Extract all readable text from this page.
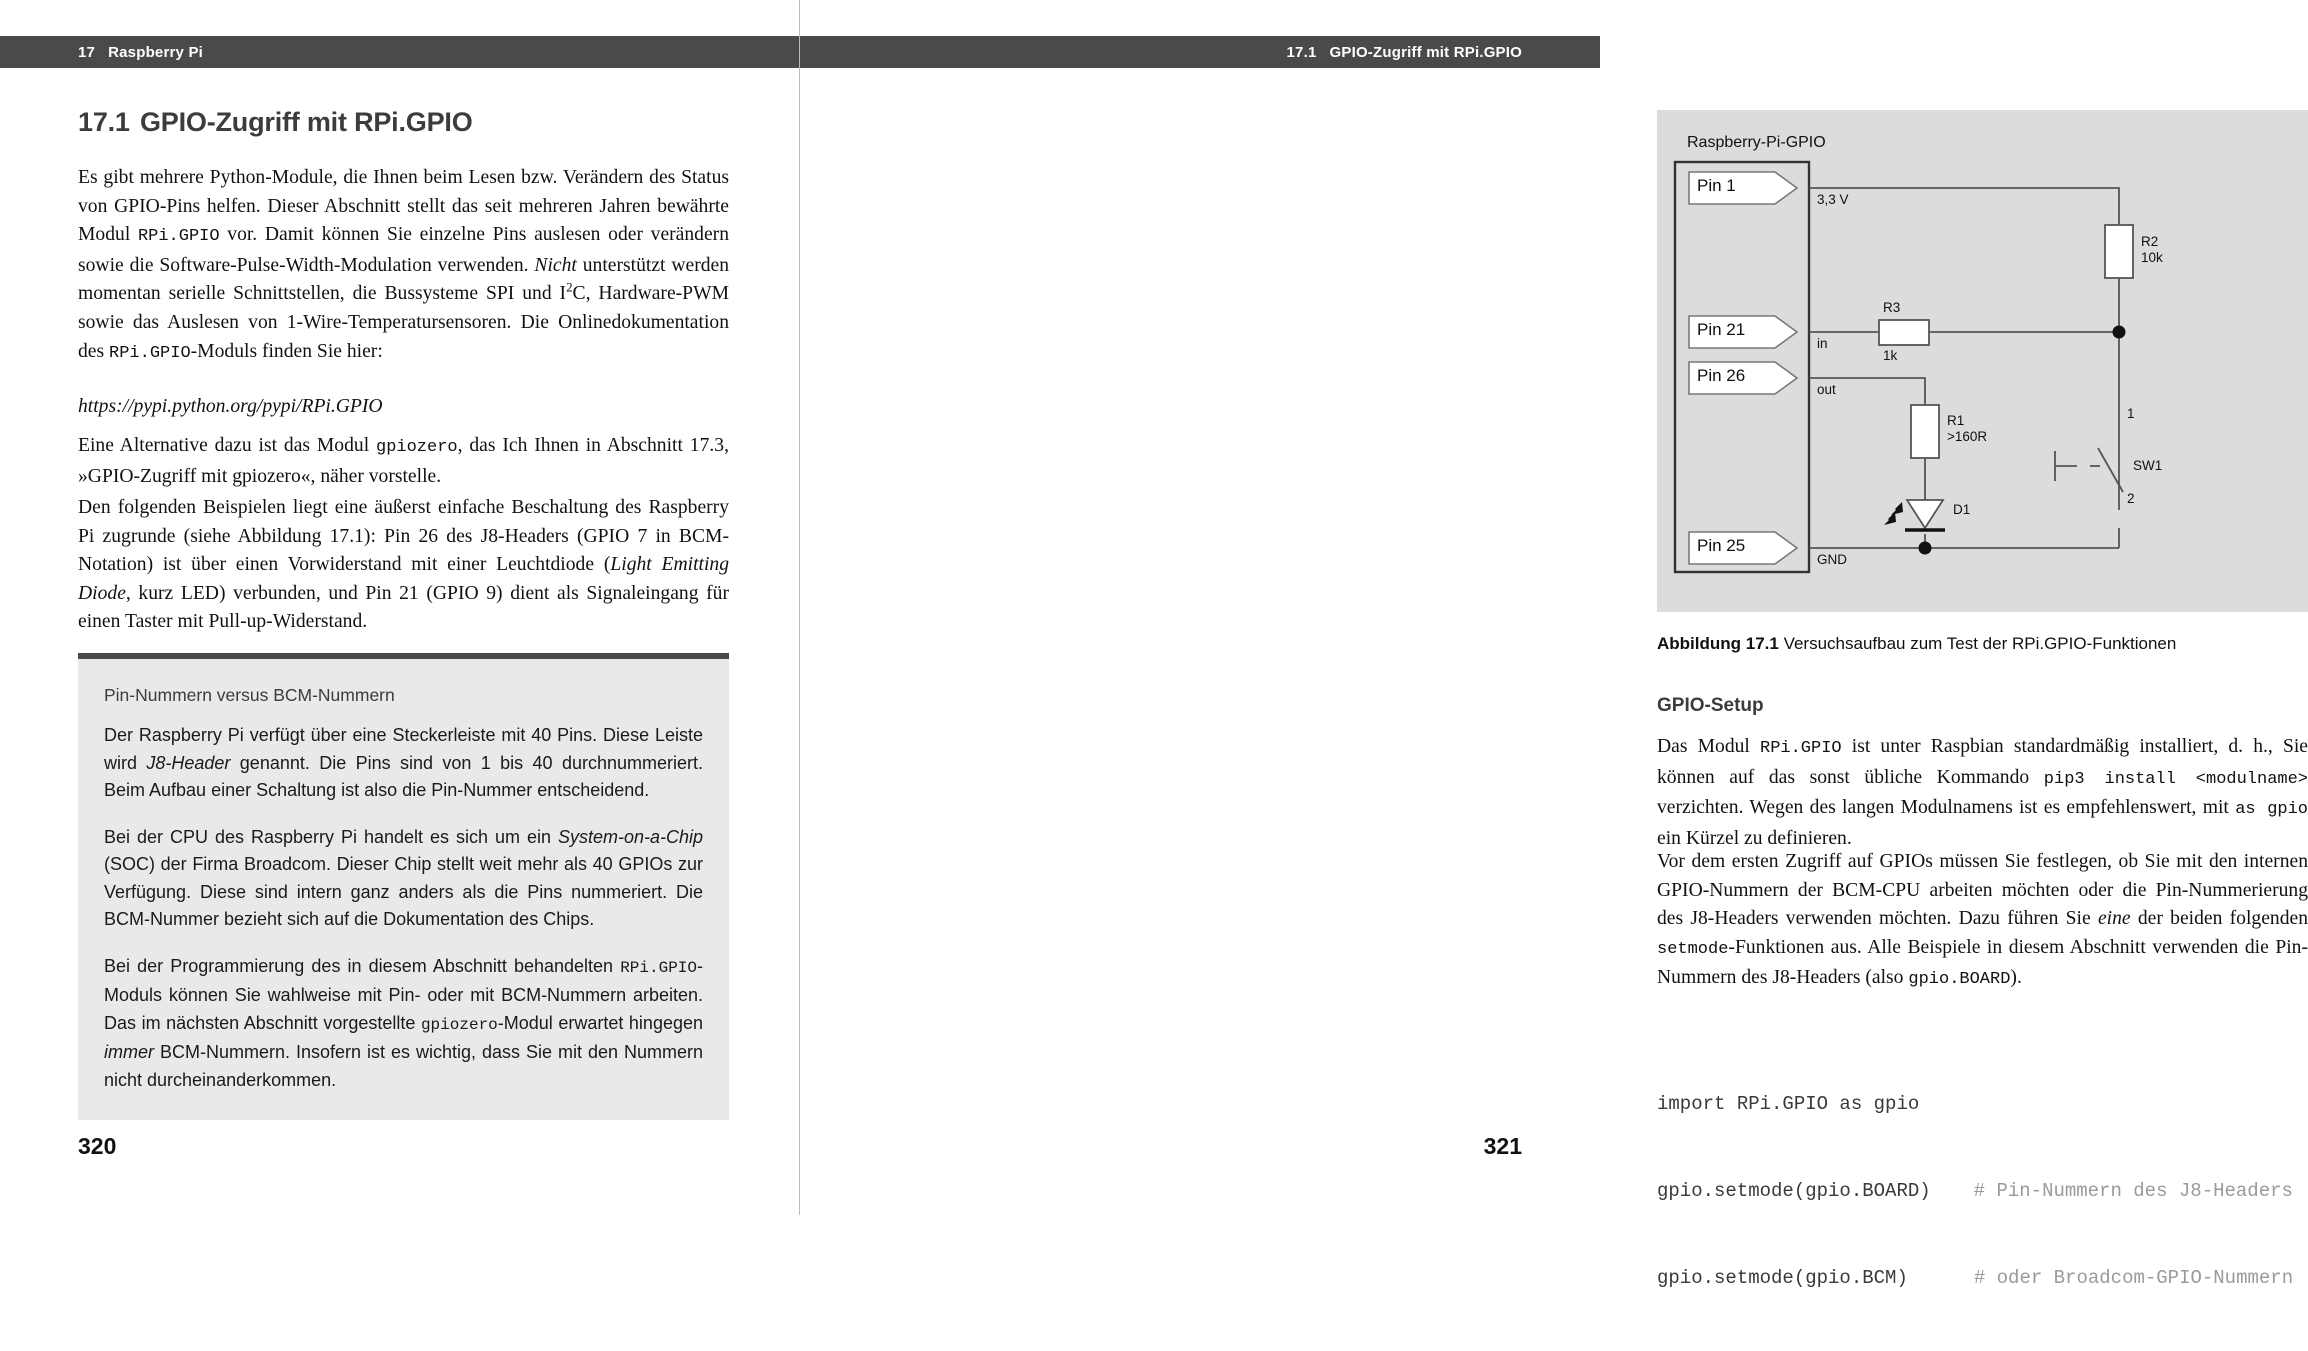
17 Raspberry Pi
17.1 GPIO-Zugriff mit RPi.GPIO
Es gibt mehrere Python-Module, die Ihnen beim Lesen bzw. Verändern des Status von GPIO-Pins helfen. Dieser Abschnitt stellt das seit mehreren Jahren bewährte Modul RPi.GPIO vor. Damit können Sie einzelne Pins auslesen oder verändern sowie die Software-Pulse-Width-Modulation verwenden. Nicht unterstützt werden momentan serielle Schnittstellen, die Bussysteme SPI und $I^2C$, Hardware-PWM sowie das Auslesen von 1-Wire-Temperatursensoren. Die Onlinedokumentation des RPi.GPIO-Moduls finden Sie hier:
https://pypi.python.org/pypi/RPi.GPIO
Eine Alternative dazu ist das Modul gpiozero, das Ich Ihnen in Abschnitt 17.3, »GPIO-Zugriff mit gpiozero«, näher vorstelle.
Den folgenden Beispielen liegt eine äußerst einfache Beschaltung des Raspberry Pi zugrunde (siehe Abbildung 17.1): Pin 26 des J8-Headers (GPIO 7 in BCM-Notation) ist über einen Vorwiderstand mit einer Leuchtdiode (Light Emitting Diode, kurz LED) verbunden, und Pin 21 (GPIO 9) dient als Signaleingang für einen Taster mit Pull-up-Widerstand.
Pin-Nummern versus BCM-Nummern

Der Raspberry Pi verfügt über eine Steckerleiste mit 40 Pins. Diese Leiste wird J8-Header genannt. Die Pins sind von 1 bis 40 durchnummeriert. Beim Aufbau einer Schaltung ist also die Pin-Nummer entscheidend.

Bei der CPU des Raspberry Pi handelt es sich um ein System-on-a-Chip (SOC) der Firma Broadcom. Dieser Chip stellt weit mehr als 40 GPIOs zur Verfügung. Diese sind intern ganz anders als die Pins nummeriert. Die BCM-Nummer bezieht sich auf die Dokumentation des Chips.

Bei der Programmierung des in diesem Abschnitt behandelten RPi.GPIO-Moduls können Sie wahlweise mit Pin- oder mit BCM-Nummern arbeiten. Das im nächsten Abschnitt vorgestellte gpiozero-Modul erwartet hingegen immer BCM-Nummern. Insofern ist es wichtig, dass Sie mit den Nummern nicht durcheinanderkommen.

320
17.1 GPIO-Zugriff mit RPi.GPIO
Raspberry-Pi-GPIO
Pin 1
Pin 21
Pin 26
Pin 25
3,3 V
in
out
GND
R2
10k
R3
1k
R1
>160R
D1
SW1
1
2
Abbildung 17.1 Versuchsaufbau zum Test der RPi.GPIO-Funktionen
GPIO-Setup
Das Modul RPi.GPIO ist unter Raspbian standardmäßig installiert, d. h., Sie können auf das sonst übliche Kommando pip3 install <modulname> verzichten. Wegen des langen Modulnamens ist es empfehlenswert, mit as gpio ein Kürzel zu definieren.
Vor dem ersten Zugriff auf GPIOs müssen Sie festlegen, ob Sie mit den internen GPIO-Nummern der BCM-CPU arbeiten möchten oder die Pin-Nummerierung des J8-Headers verwenden möchten. Dazu führen Sie eine der beiden folgenden setmode-Funktionen aus. Alle Beispiele in diesem Abschnitt verwenden die Pin-Nummern des J8-Headers (also gpio.BOARD).

import RPi.GPIO as gpio

gpio.setmode(gpio.BOARD) # Pin-Nummern des J8-Headers

gpio.setmode(gpio.BCM)	# oder Broadcom-GPIO-Nummern

321
